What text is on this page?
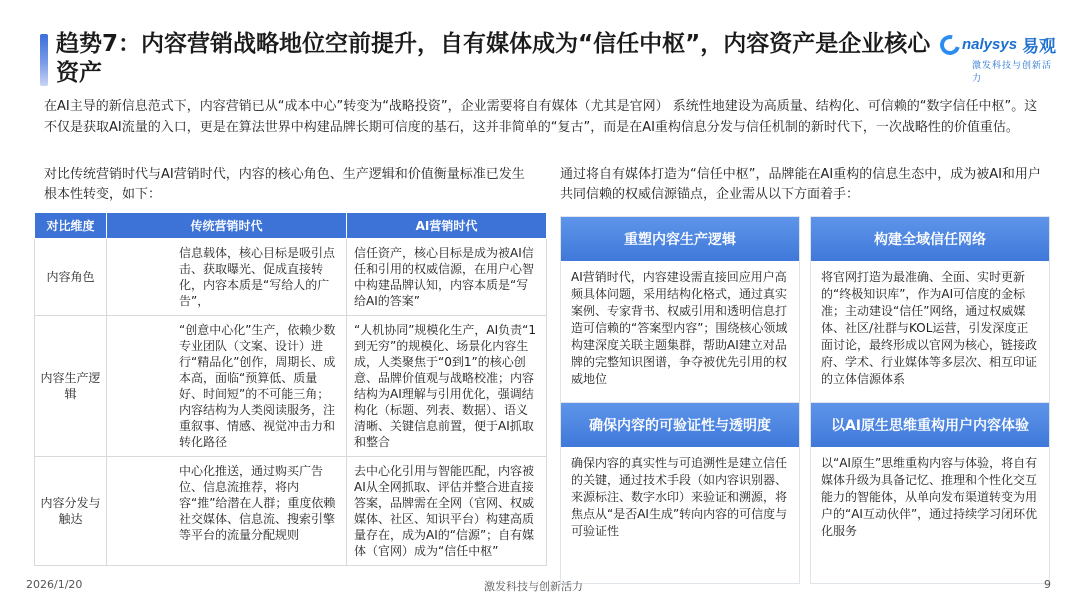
趋势7：内容营销战略地位空前提升，自有媒体成为“信任中枢”，内容资产是企业核心资产
nalysys 易观
激发科技与创新活力

在AI主导的新信息范式下，内容营销已从“成本中心”转变为“战略投资”，企业需要将自有媒体（尤其是官网） 系统性地建设为高质量、结构化、可信赖的“数字信任中枢”。这不仅是获取AI流量的入口，更是在算法世界中构建品牌长期可信度的基石，这并非简单的“复古”，而是在AI重构信息分发与信任机制的新时代下，一次战略性的价值重估。

对比传统营销时代与AI营销时代，内容的核心角色、生产逻辑和价值衡量标准已发生根本性转变，如下：

通过将自有媒体打造为“信任中枢”，品牌能在AI重构的信息生态中，成为被AI和用户共同信赖的权威信源锚点，企业需从以下方面着手：

对比维度	传统营销时代	AI营销时代
内容角色	信息载体，核心目标是吸引点击、获取曝光、促成直接转化，内容本质是“写给人的广告”，	信任资产，核心目标是成为被AI信任和引用的权威信源，在用户心智中构建品牌认知，内容本质是“写给AI的答案”
内容生产逻辑	“创意中心化”生产，依赖少数专业团队（文案、设计）进行“精品化”创作，周期长、成本高，面临“预算低、质量好、时间短”的不可能三角；内容结构为人类阅读服务，注重叙事、情感、视觉冲击力和转化路径	“人机协同”规模化生产，AI负责“1到无穷”的规模化、场景化内容生成，人类聚焦于“0到1”的核心创意、品牌价值观与战略校准；内容结构为AI理解与引用优化，强调结构化（标题、列表、数据）、语义清晰、关键信息前置，便于AI抓取和整合
内容分发与触达	中心化推送，通过购买广告位、信息流推荐，将内容“推”给潜在人群；重度依赖社交媒体、信息流、搜索引擎等平台的流量分配规则	去中心化引用与智能匹配，内容被AI从全网抓取、评估并整合进直接答案，品牌需在全网（官网、权威媒体、社区、知识平台）构建高质量存在，成为AI的“信源”；自有媒体（官网）成为“信任中枢”
重塑内容生产逻辑
AI营销时代，内容建设需直接回应用户高频具体问题，采用结构化格式，通过真实案例、专家背书、权威引用和透明信息打造可信赖的“答案型内容”；围绕核心领域构建深度关联主题集群，帮助AI建立对品牌的完整知识图谱，争夺被优先引用的权威地位
构建全域信任网络
将官网打造为最准确、全面、实时更新的“终极知识库”，作为AI可信度的金标准；主动建设“信任”网络，通过权威媒体、社区/社群与KOL运营，引发深度正面讨论，最终形成以官网为核心，链接政府、学术、行业媒体等多层次、相互印证的立体信源体系
确保内容的可验证性与透明度
确保内容的真实性与可追溯性是建立信任的关键，通过技术手段（如内容识别器、来源标注、数字水印）来验证和溯源，将焦点从“是否AI生成”转向内容的可信度与可验证性
以AI原生思维重构用户内容体验
以“AI原生”思维重构内容与体验，将自有媒体升级为具备记忆、推理和个性化交互能力的智能体，从单向发布渠道转变为用户的“AI互动伙伴”，通过持续学习闭环优化服务
2026/1/20	激发科技与创新活力	9
